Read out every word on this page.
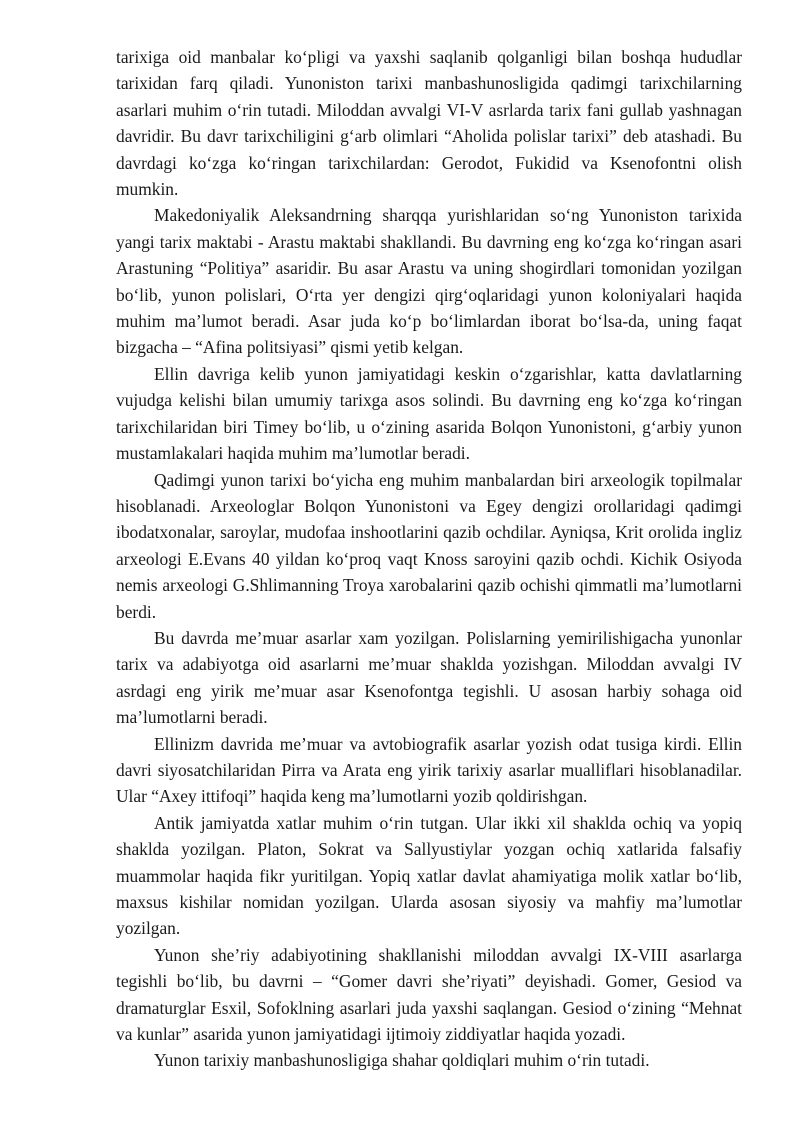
tarixiga oid manbalar koʻpligi va yaxshi saqlanib qolganligi bilan boshqa hududlar tarixidan farq qiladi. Yunoniston tarixi manbashunosligida qadimgi tarixchilarning asarlari muhim oʻrin tutadi. Miloddan avvalgi VI-V asrlarda tarix fani gullab yashnagan davridir. Bu davr tarixchiligini gʻarb olimlari “Aholida polislar tarixi” deb atashadi. Bu davrdagi koʻzga koʻringan tarixchilardan: Gerodot, Fukidid va Ksenofontni olish mumkin.

Makedoniyalik Aleksandrning sharqqa yurishlaridan soʻng Yunoniston tarixida yangi tarix maktabi - Arastu maktabi shakllandi. Bu davrning eng koʻzga koʻringan asari Arastuning “Politiya” asaridir. Bu asar Arastu va uning shogirdlari tomonidan yozilgan boʻlib, yunon polislari, Oʻrta yer dengizi qirgʻoqlaridagi yunon koloniyalari haqida muhim maʼlumot beradi. Asar juda koʻp boʻlimlardan iborat boʻlsa-da, uning faqat bizgacha – “Afina politsiyasi” qismi yetib kelgan.

Ellin davriga kelib yunon jamiyatidagi keskin oʻzgarishlar, katta davlatlarning vujudga kelishi bilan umumiy tarixga asos solindi. Bu davrning eng koʻzga koʻringan tarixchilaridan biri Timey boʻlib, u oʻzining asarida Bolqon Yunonistoni, gʻarbiy yunon mustamlakalari haqida muhim maʼlumotlar beradi.

Qadimgi yunon tarixi boʻyicha eng muhim manbalardan biri arxeologik topilmalar hisoblanadi. Arxeologlar Bolqon Yunonistoni va Egey dengizi orollaridagi qadimgi ibodatxonalar, saroylar, mudofaa inshootlarini qazib ochdilar. Ayniqsa, Krit orolida ingliz arxeologi E.Evans 40 yildan koʻproq vaqt Knoss saroyini qazib ochdi. Kichik Osiyoda nemis arxeologi G.Shlimanning Troya xarobalarini qazib ochishi qimmatli maʼlumotlarni berdi.

Bu davrda meʼmuar asarlar xam yozilgan. Polislarning yemirilishigacha yunonlar tarix va adabiyotga oid asarlarni meʼmuar shaklda yozishgan. Miloddan avvalgi IV asrdagi eng yirik meʼmuar asar Ksenofontga tegishli. U asosan harbiy sohaga oid maʼlumotlarni beradi.

Ellinizm davrida meʼmuar va avtobiografik asarlar yozish odat tusiga kirdi. Ellin davri siyosatchilaridan Pirra va Arata eng yirik tarixiy asarlar mualliflari hisoblanadilar. Ular “Axey ittifoqi” haqida keng maʼlumotlarni yozib qoldirishgan.

Antik jamiyatda xatlar muhim oʻrin tutgan. Ular ikki xil shaklda ochiq va yopiq shaklda yozilgan. Platon, Sokrat va Sallyustiylar yozgan ochiq xatlarida falsafiy muammolar haqida fikr yuritilgan. Yopiq xatlar davlat ahamiyatiga molik xatlar boʻlib, maxsus kishilar nomidan yozilgan. Ularda asosan siyosiy va mahfiy maʼlumotlar yozilgan.

Yunon sheʼriy adabiyotining shakllanishi miloddan avvalgi IX-VIII asarlarga tegishli boʻlib, bu davrni – “Gomer davri sheʼriyati” deyishadi. Gomer, Gesiod va dramaturglar Esxil, Sofoklning asarlari juda yaxshi saqlangan. Gesiod oʻzining “Mehnat va kunlar” asarida yunon jamiyatidagi ijtimoiy ziddiyatlar haqida yozadi.

Yunon tarixiy manbashunosligiga shahar qoldiqlari muhim oʻrin tutadi.
